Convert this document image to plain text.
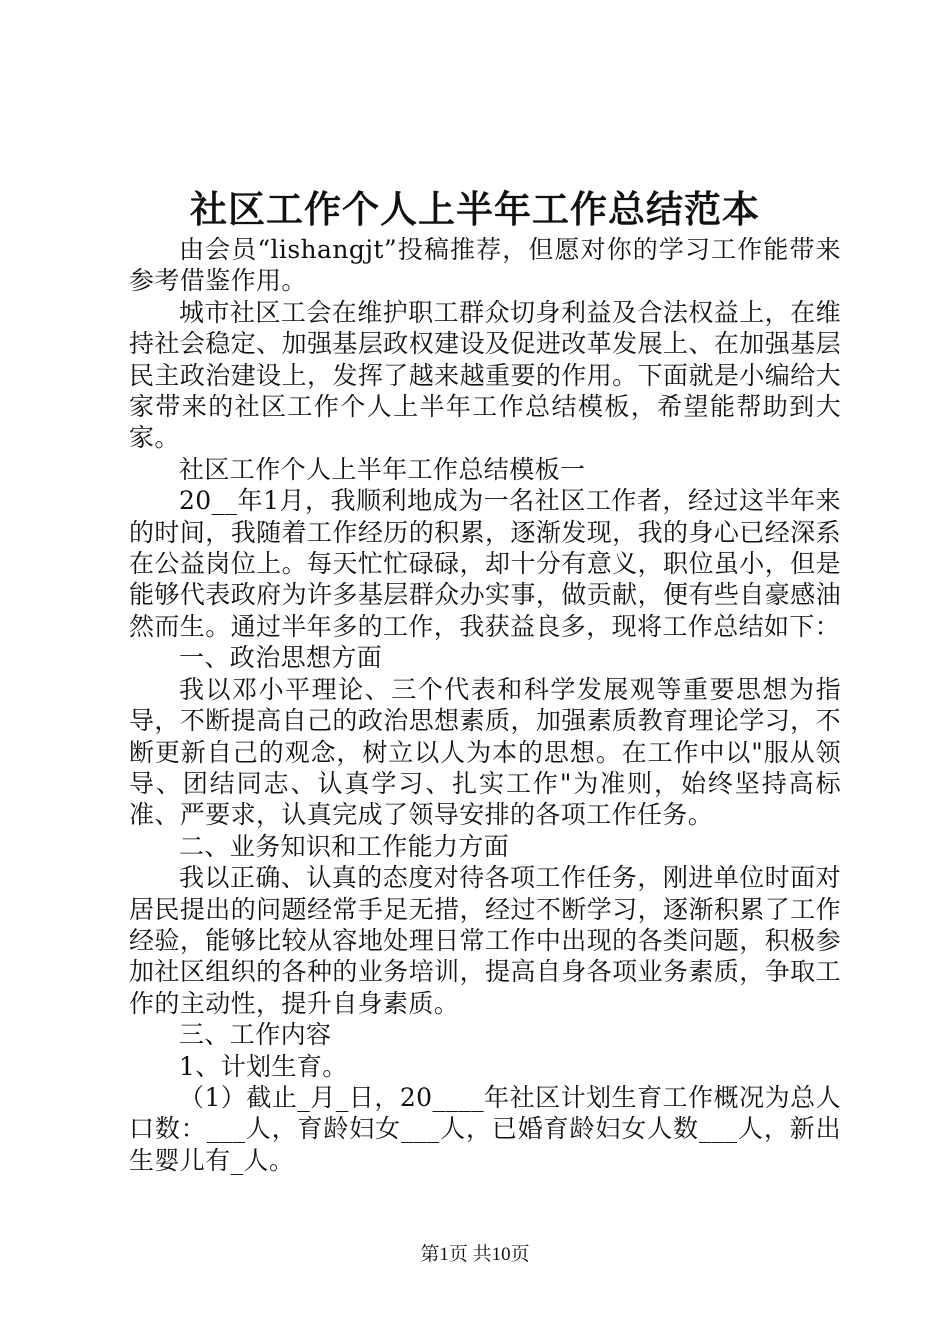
社区工作个人上半年工作总结范本

由会员“lishangjt”投稿推荐，但愿对你的学习工作能带来参考借鉴作用。

城市社区工会在维护职工群众切身利益及合法权益上，在维持社会稳定、加强基层政权建设及促进改革发展上、在加强基层民主政治建设上，发挥了越来越重要的作用。下面就是小编给大家带来的社区工作个人上半年工作总结模板，希望能帮助到大家。

社区工作个人上半年工作总结模板一

20__年1月，我顺利地成为一名社区工作者，经过这半年来的时间，我随着工作经历的积累，逐渐发现，我的身心已经深系在公益岗位上。每天忙忙碌碌，却十分有意义，职位虽小，但是能够代表政府为许多基层群众办实事，做贡献，便有些自豪感油然而生。通过半年多的工作，我获益良多，现将工作总结如下：

一、政治思想方面

我以邓小平理论、三个代表和科学发展观等重要思想为指导，不断提高自己的政治思想素质，加强素质教育理论学习，不断更新自己的观念，树立以人为本的思想。在工作中以"服从领导、团结同志、认真学习、扎实工作"为准则，始终坚持高标准、严要求，认真完成了领导安排的各项工作任务。

二、业务知识和工作能力方面

我以正确、认真的态度对待各项工作任务，刚进单位时面对居民提出的问题经常手足无措，经过不断学习，逐渐积累了工作经验，能够比较从容地处理日常工作中出现的各类问题，积极参加社区组织的各种的业务培训，提高自身各项业务素质，争取工作的主动性，提升自身素质。

三、工作内容

1、计划生育。

（1）截止_月_日，20____年社区计划生育工作概况为总人口数：___人，育龄妇女___人，已婚育龄妇女人数___人，新出生婴儿有_人。

第1页 共10页
